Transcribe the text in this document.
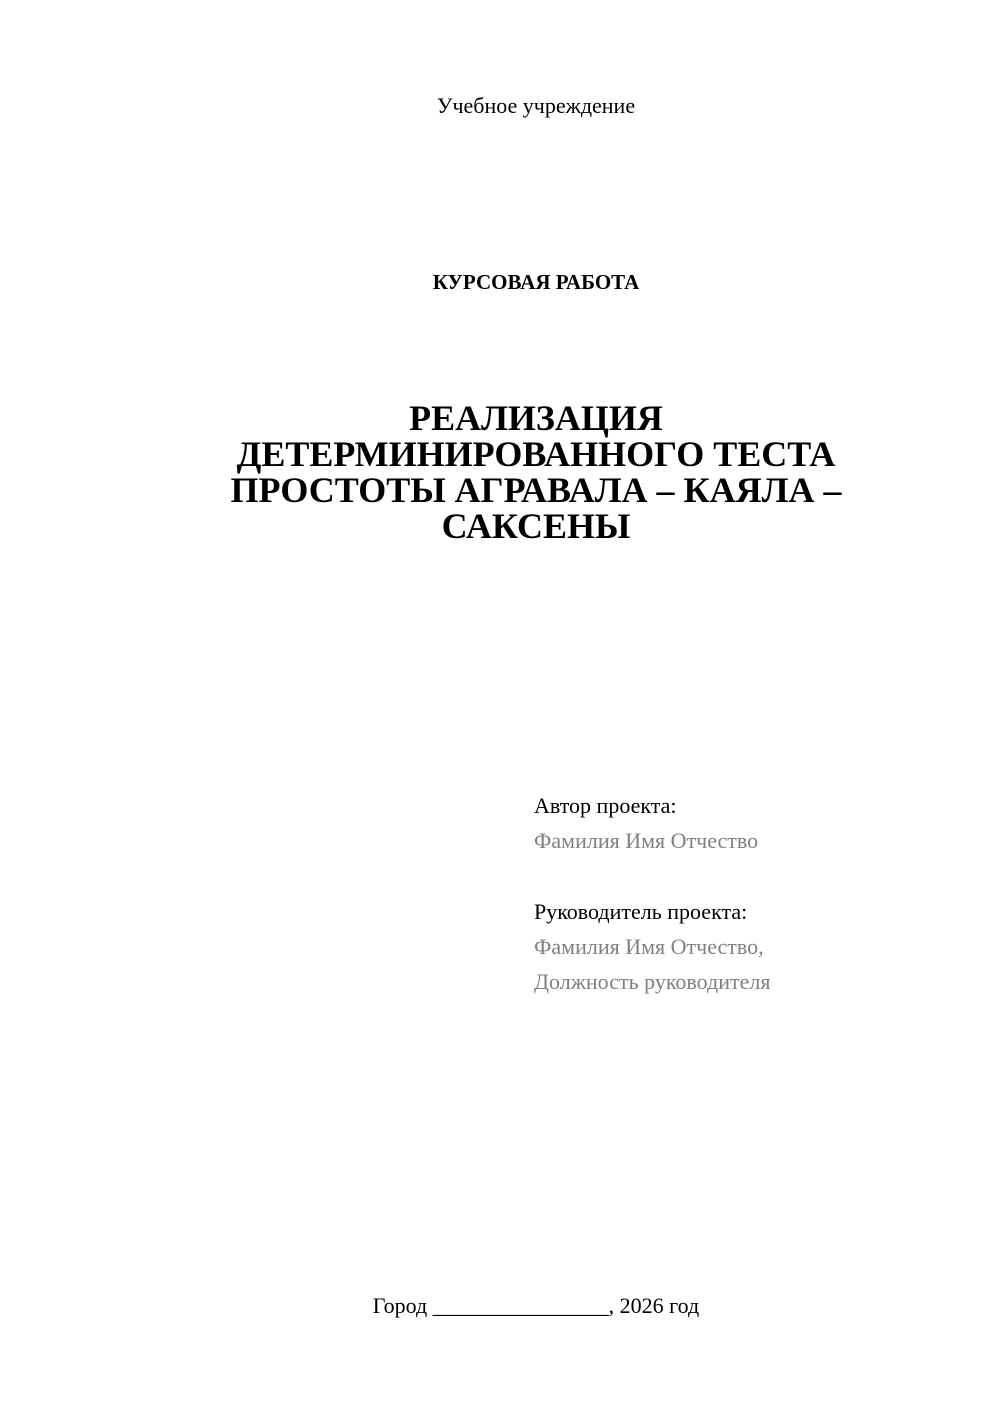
Учебное учреждение
КУРСОВАЯ РАБОТА
РЕАЛИЗАЦИЯ
ДЕТЕРМИНИРОВАННОГО ТЕСТА
ПРОСТОТЫ АГРАВАЛА – КАЯЛА –
САКСЕНЫ
Автор проекта:
Фамилия Имя Отчество
Руководитель проекта:
Фамилия Имя Отчество,
Должность руководителя
Город ________________, 2026 год
